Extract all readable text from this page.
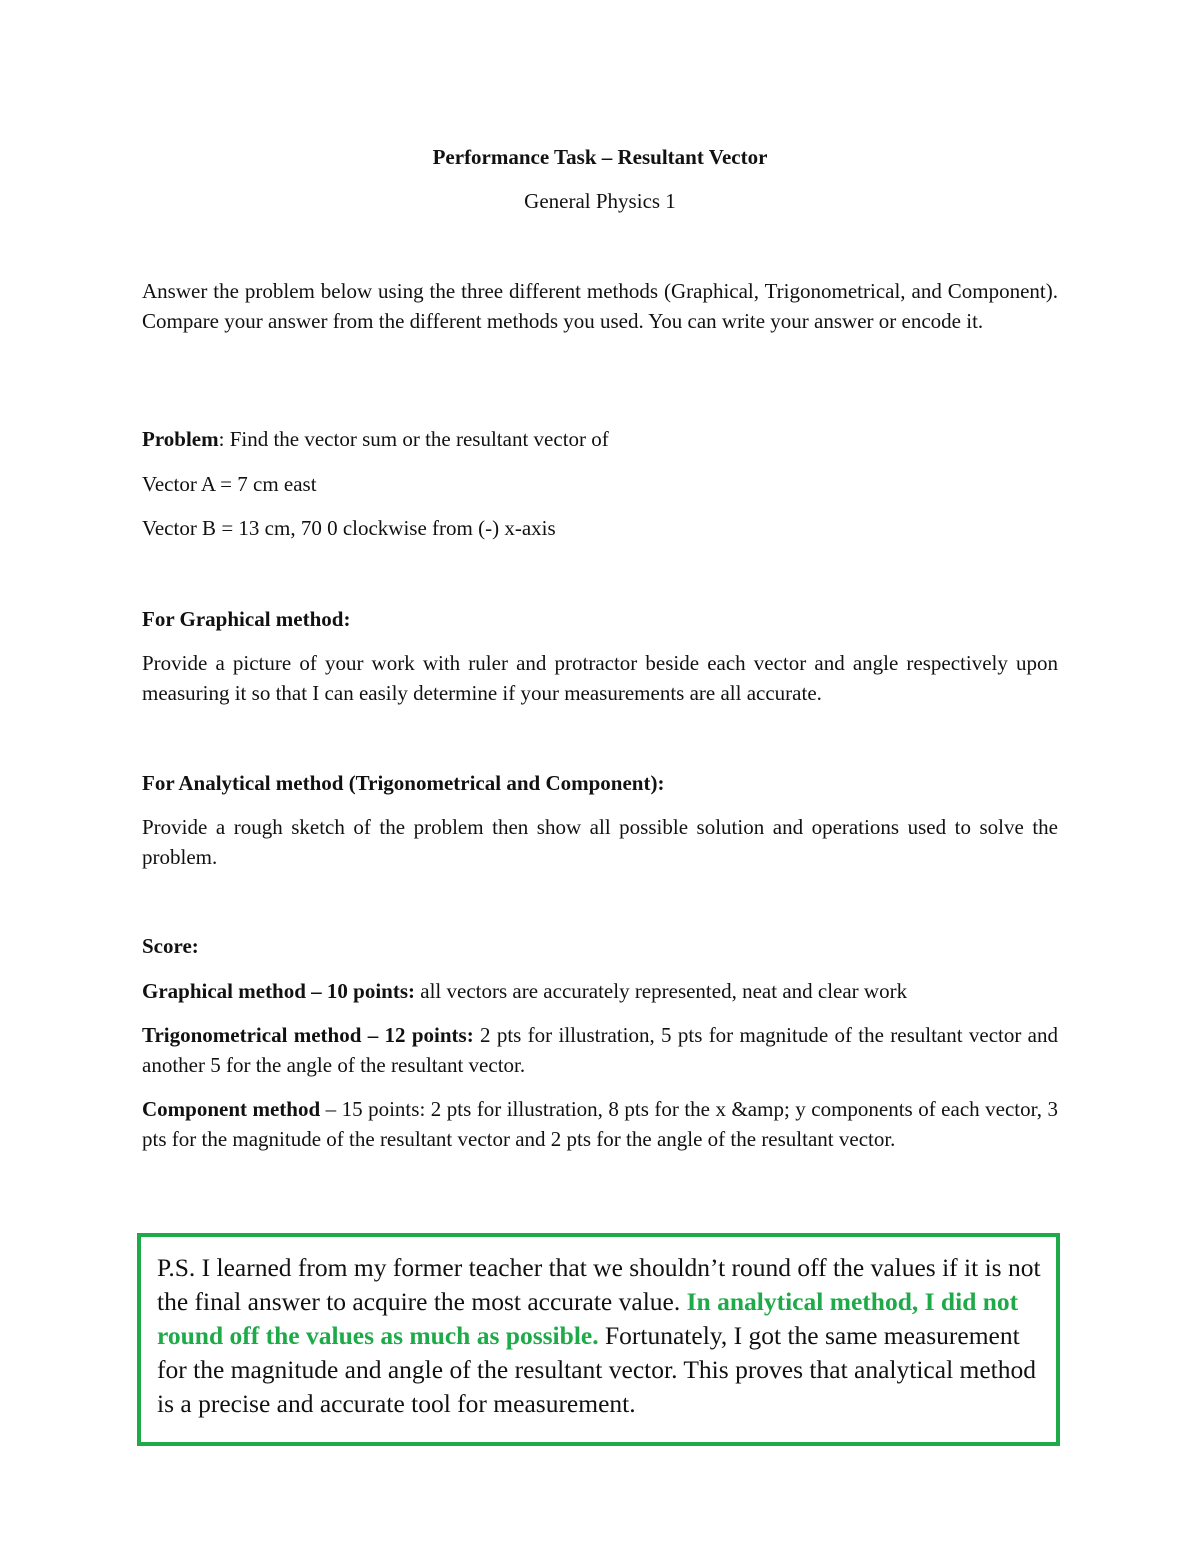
Performance Task – Resultant Vector
General Physics 1

Answer the problem below using the three different methods (Graphical, Trigonometrical, and Component). Compare your answer from the different methods you used. You can write your answer or encode it.

Problem: Find the vector sum or the resultant vector of
Vector A = 7 cm east
Vector B = 13 cm, 70 0 clockwise from (-) x-axis
For Graphical method:

Provide a picture of your work with ruler and protractor beside each vector and angle respectively upon measuring it so that I can easily determine if your measurements are all accurate.

For Analytical method (Trigonometrical and Component):

Provide a rough sketch of the problem then show all possible solution and operations used to solve the problem.

Score:
Graphical method – 10 points: all vectors are accurately represented, neat and clear work

Trigonometrical method – 12 points: 2 pts for illustration, 5 pts for magnitude of the resultant vector and another 5 for the angle of the resultant vector.

Component method – 15 points: 2 pts for illustration, 8 pts for the x &amp; y components of each vector, 3 pts for the magnitude of the resultant vector and 2 pts for the angle of the resultant vector.

P.S. I learned from my former teacher that we shouldn’t round off the values if it is not the final answer to acquire the most accurate value. In analytical method, I did not round off the values as much as possible. Fortunately, I got the same measurement for the magnitude and angle of the resultant vector. This proves that analytical method is a precise and accurate tool for measurement.
